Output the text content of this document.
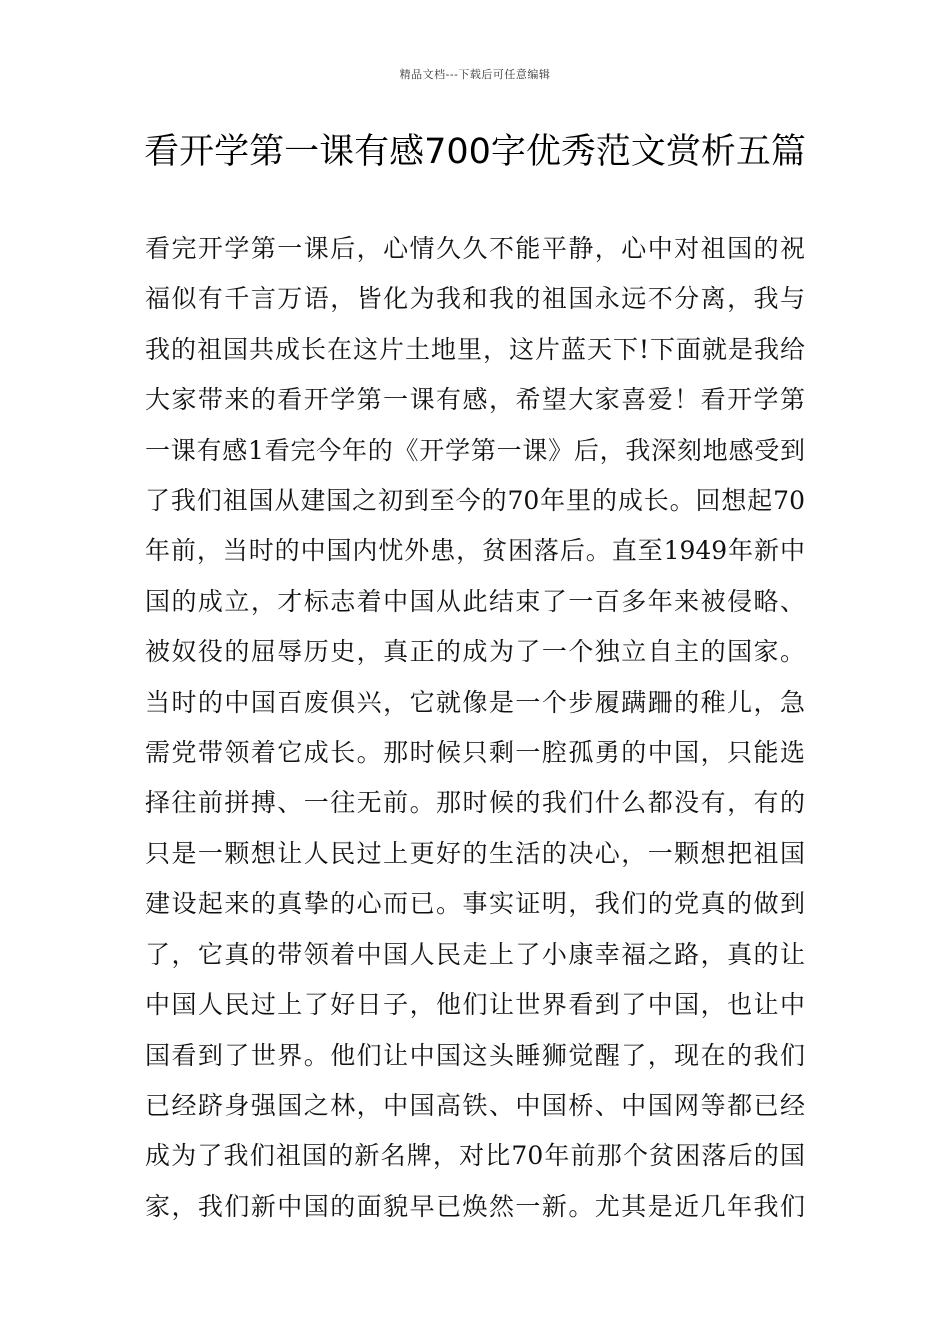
精品文档---下载后可任意编辑
看开学第一课有感700字优秀范文赏析五篇
看完开学第一课后，心情久久不能平静，心中对祖国的祝
福似有千言万语，皆化为我和我的祖国永远不分离，我与
我的祖国共成长在这片土地里，这片蓝天下!下面就是我给
大家带来的看开学第一课有感，希望大家喜爱！看开学第
一课有感1看完今年的《开学第一课》后，我深刻地感受到
了我们祖国从建国之初到至今的70年里的成长。回想起70
年前，当时的中国内忧外患，贫困落后。直至1949年新中
国的成立，才标志着中国从此结束了一百多年来被侵略、
被奴役的屈辱历史，真正的成为了一个独立自主的国家。
当时的中国百废俱兴，它就像是一个步履蹒跚的稚儿，急
需党带领着它成长。那时候只剩一腔孤勇的中国，只能选
择往前拼搏、一往无前。那时候的我们什么都没有，有的
只是一颗想让人民过上更好的生活的决心，一颗想把祖国
建设起来的真挚的心而已。事实证明，我们的党真的做到
了，它真的带领着中国人民走上了小康幸福之路，真的让
中国人民过上了好日子，他们让世界看到了中国，也让中
国看到了世界。他们让中国这头睡狮觉醒了，现在的我们
已经跻身强国之林，中国高铁、中国桥、中国网等都已经
成为了我们祖国的新名牌，对比70年前那个贫困落后的国
家，我们新中国的面貌早已焕然一新。尤其是近几年我们
